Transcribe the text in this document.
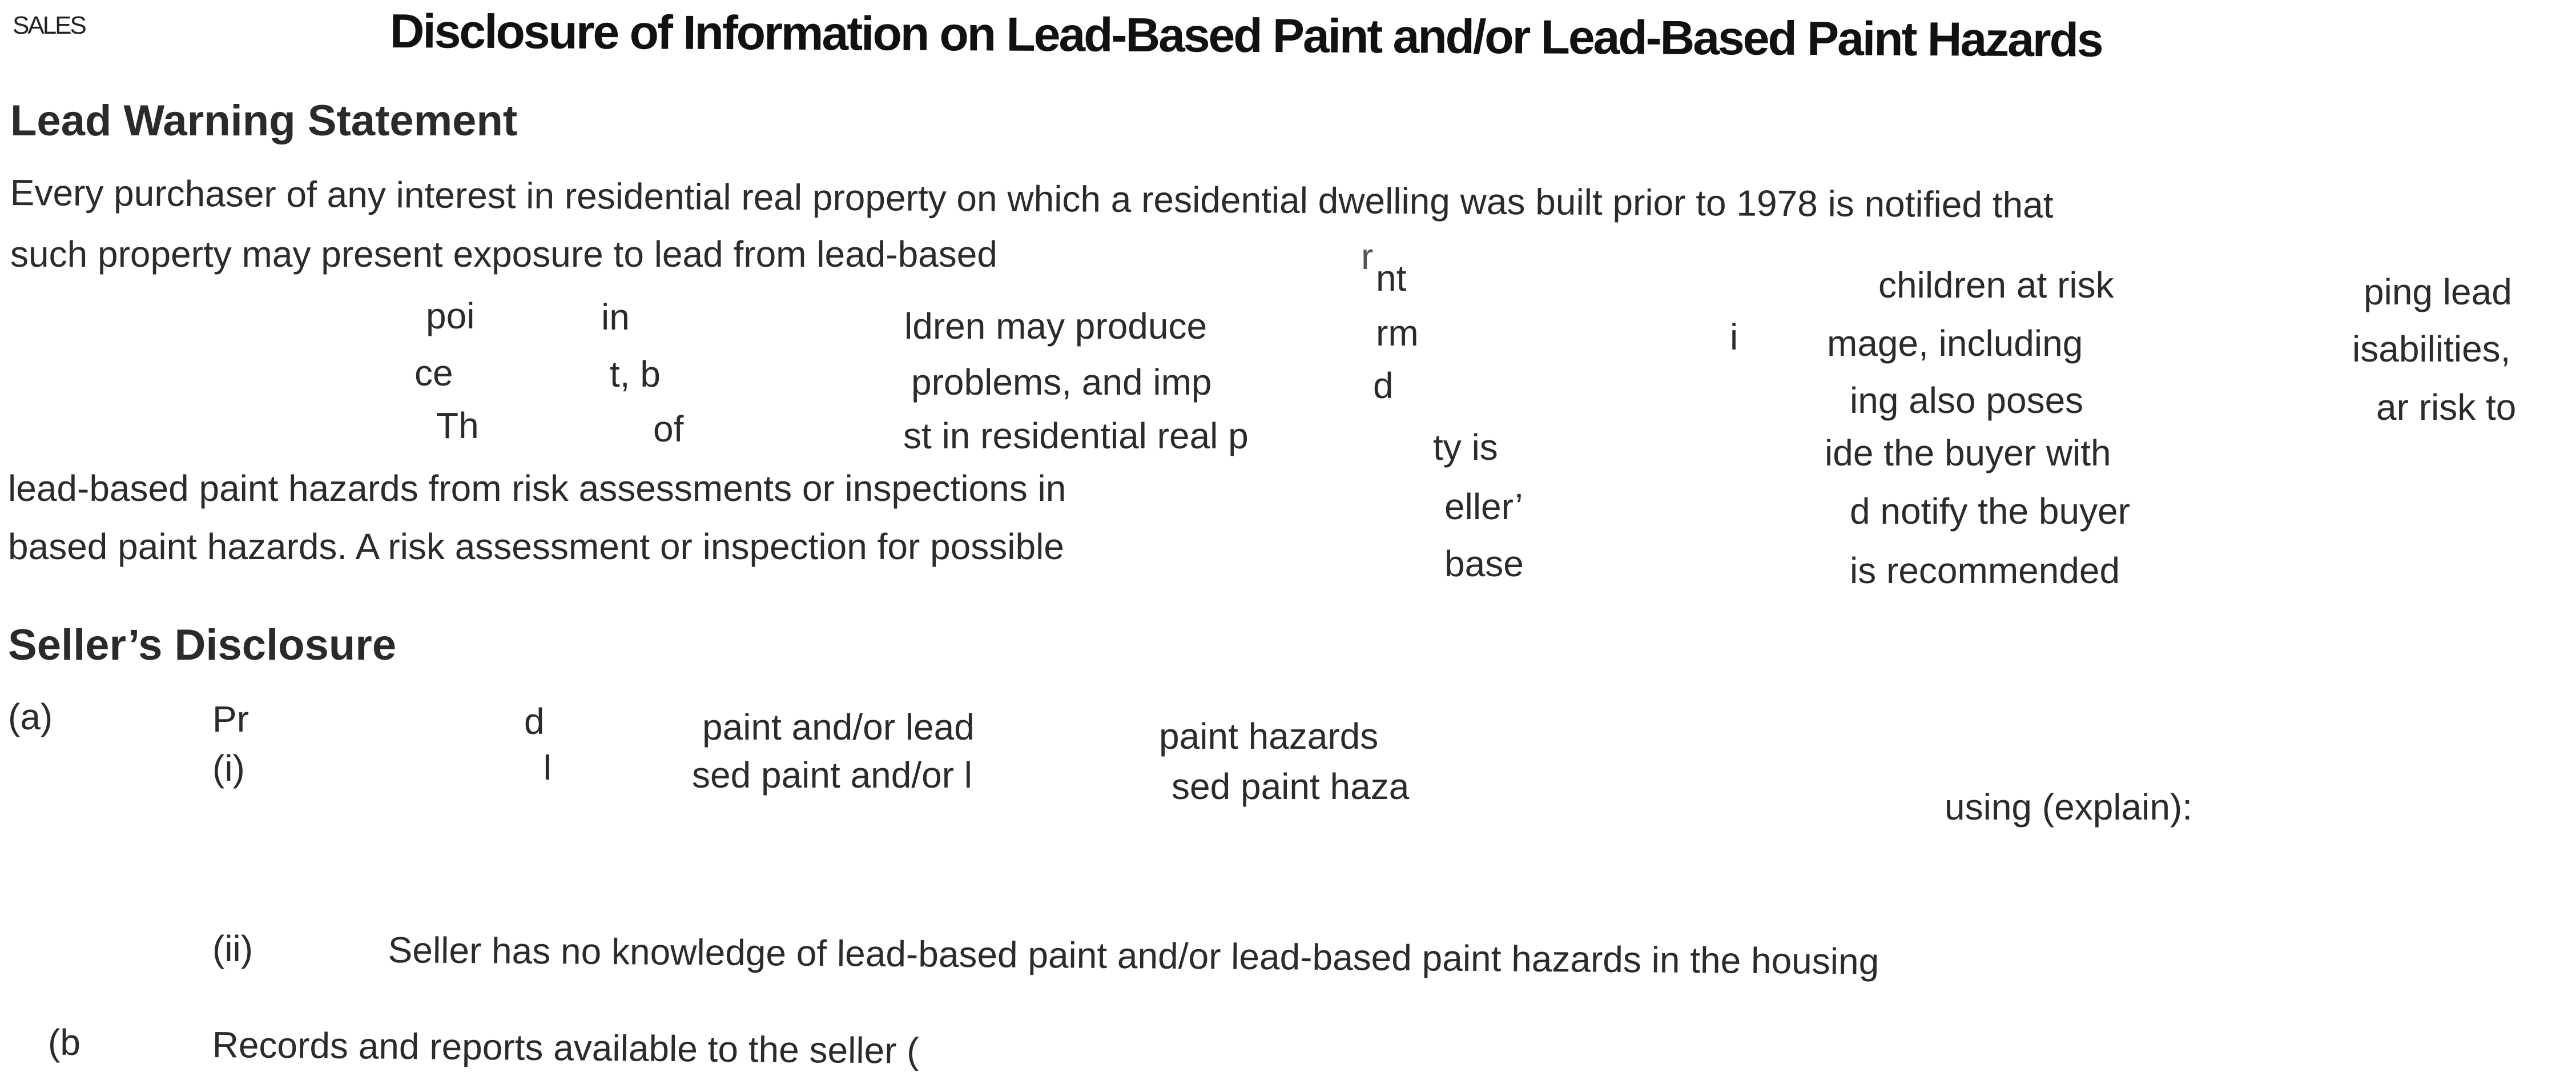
SALES	Disclosure of Information on Lead-Based Paint and/or Lead-Based Paint Hazards
Lead Warning Statement
Every purchaser of any interest in residential real property on which a residential dwelling was built prior to 1978 is notified that
such property may present exposure to lead from lead-based	r
nt	children at risk	ping lead
poi	in	ldren may produce	rm	i mage, including	isabilities,
ce	t, b	problems, and imp	d	ing also poses	ar risk to
Th	of	st in residential real p	ty is	ide the buyer with
lead-based paint hazards from risk assessments or inspections in	eller’	d notify the buyer
based paint hazards. A risk assessment or inspection for possible	base	is recommended
Seller’s Disclosure
(a)	Pr	d	paint and/or lead	paint hazards
(i)	I	sed paint and/or l	sed paint haza	using (explain):
(ii)	Seller has no knowledge of lead-based paint and/or lead-based paint hazards in the housing
(b	Records and reports available to the seller (
